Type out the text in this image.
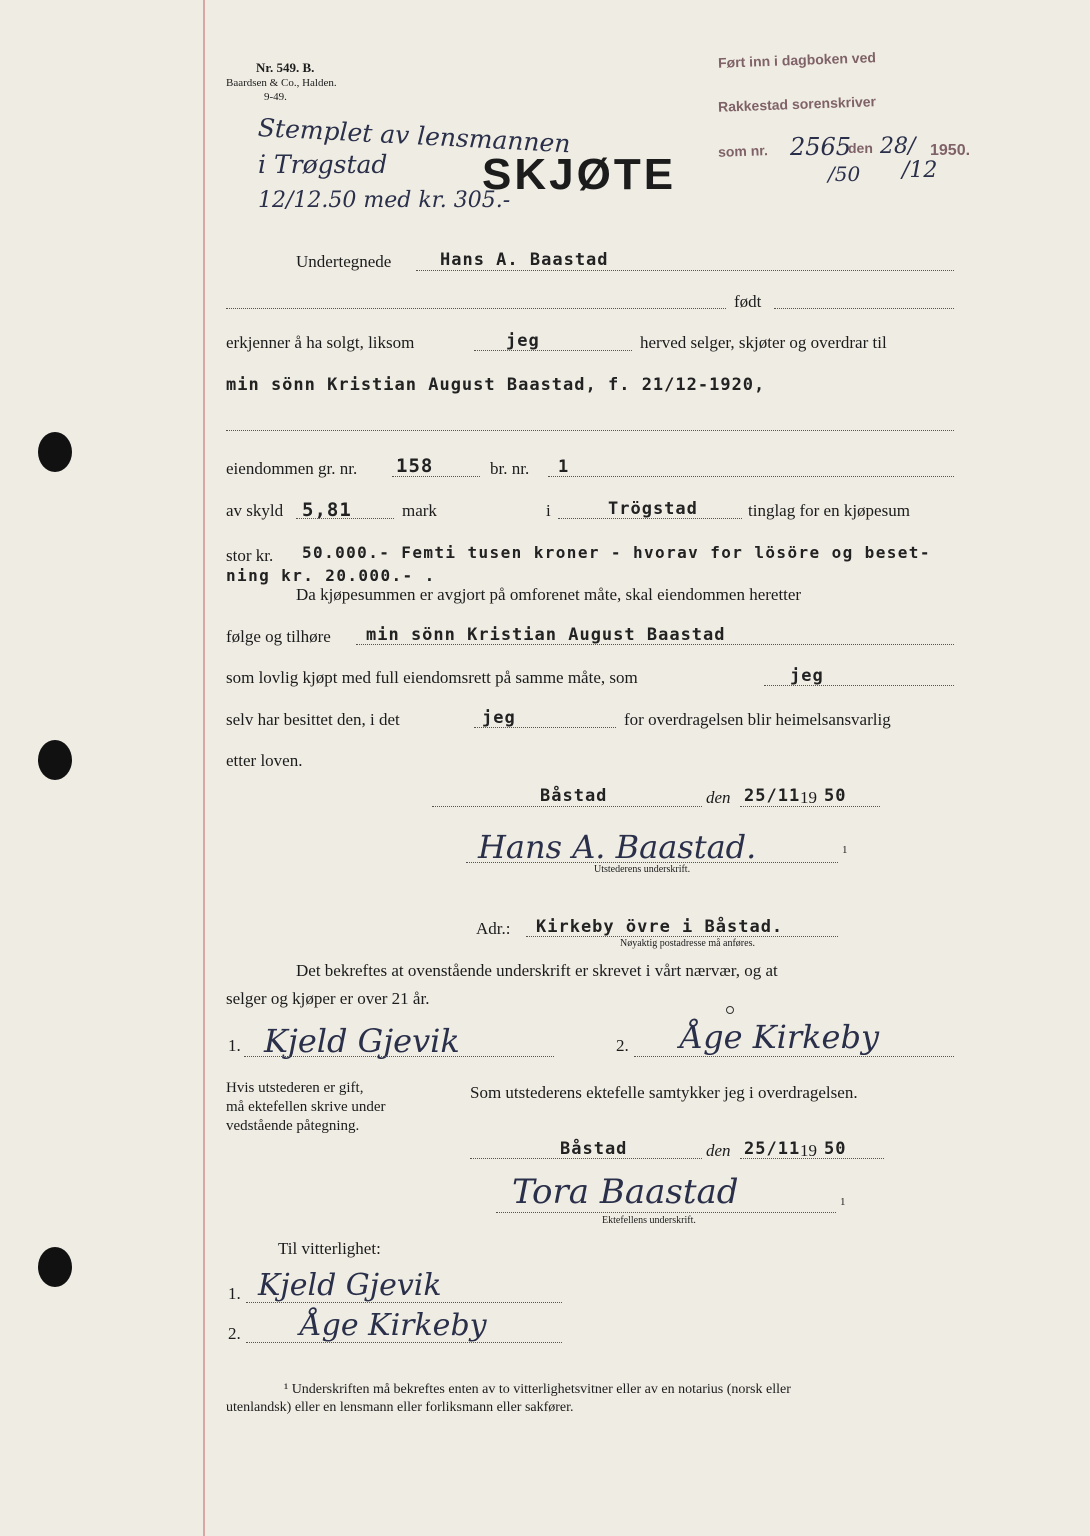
Nr. 549. B.
Baardsen & Co., Halden.
9-49.
Ført inn i dagboken ved
Rakkestad sorenskriver
som nr. 2565
den 28/ 1950.
/50 /12
Stemplet av lensmannen
i Trøgstad
12/12.50 med kr. 305.-
SKJØTE
Undertegnede	Hans A. Baastad
født
erkjenner å ha solgt, liksom	jeg	herved selger, skjøter og overdrar til
min sönn Kristian August Baastad, f. 21/12-1920,
eiendommen gr. nr. 158	br. nr. 1
av skyld 5,81	mark	i	Trögstad	tinglag for en kjøpesum
stor kr. 50.000.- Femti tusen kroner - hvorav for lösöre og beset-
ning kr. 20.000.- .
Da kjøpesummen er avgjort på omforenet måte, skal eiendommen heretter
følge og tilhøre min sönn Kristian August Baastad
som lovlig kjøpt med full eiendomsrett på samme måte, som	jeg
selv har besittet den, i det	jeg	for overdragelsen blir heimelsansvarlig
etter loven.
Båstad	den 25/11 19 50
Hans A. Baastad.	1
Utstederens underskrift.
Adr.: Kirkeby övre i Båstad.
Nøyaktig postadresse må anføres.
Det bekreftes at ovenstående underskrift er skrevet i vårt nærvær, og at
selger og kjøper er over 21 år.
1. Kjeld Gjevik	2. Åge Kirkeby
Hvis utstederen er gift,
må ektefellen skrive under
vedstående påtegning.
Som utstederens ektefelle samtykker jeg i overdragelsen.
Båstad	den 25/11 19 50
Tora Baastad	1
Ektefellens underskrift.
Til vitterlighet:
1. Kjeld Gjevik
2. Åge Kirkeby
¹ Underskriften må bekreftes enten av to vitterlighetsvitner eller av en notarius (norsk eller
utenlandsk) eller en lensmann eller forliksmann eller sakfører.
